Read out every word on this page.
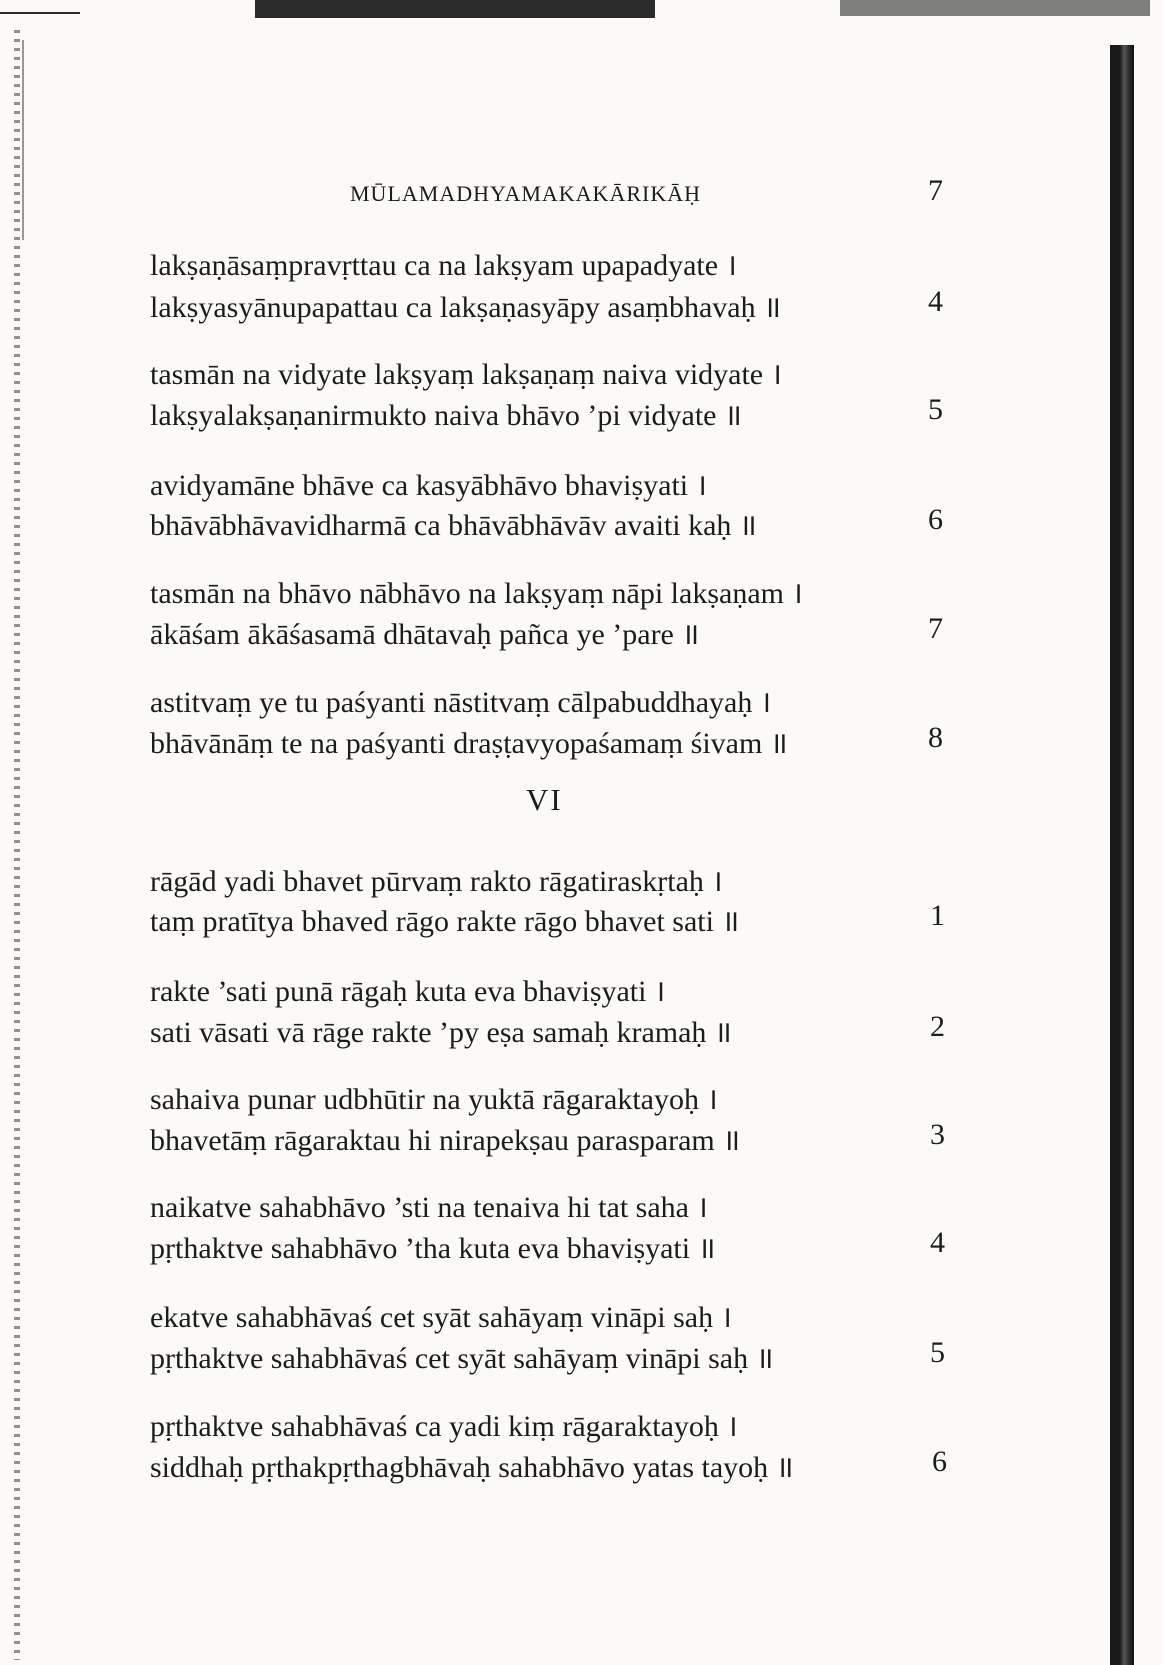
MŪLAMADHYAMAKAKĀRIKĀḤ	7
lakṣaṇāsaṃpravṛttau ca na lakṣyam upapadyate ।
lakṣyasyānupapattau ca lakṣaṇasyāpy asaṃbhavaḥ ॥	4
tasmān na vidyate lakṣyaṃ lakṣaṇaṃ naiva vidyate ।
lakṣyalakṣaṇanirmukto naiva bhāvo ’pi vidyate ॥	5
avidyamāne bhāve ca kasyābhāvo bhaviṣyati ।
bhāvābhāvavidharmā ca bhāvābhāvāv avaiti kaḥ ॥	6
tasmān na bhāvo nābhāvo na lakṣyaṃ nāpi lakṣaṇam ।
ākāśam ākāśasamā dhātavaḥ pañca ye ’pare ॥	7
astitvaṃ ye tu paśyanti nāstitvaṃ cālpabuddhayaḥ ।
bhāvānāṃ te na paśyanti draṣṭavyopaśamaṃ śivam ॥	8
VI
rāgād yadi bhavet pūrvaṃ rakto rāgatiraskṛtaḥ ।
taṃ pratītya bhaved rāgo rakte rāgo bhavet sati ॥	1
rakte ’sati punā rāgaḥ kuta eva bhaviṣyati ।
sati vāsati vā rāge rakte ’py eṣa samaḥ kramaḥ ॥	2
sahaiva punar udbhūtir na yuktā rāgaraktayoḥ ।
bhavetāṃ rāgaraktau hi nirapekṣau parasparam ॥	3
naikatve sahabhāvo ’sti na tenaiva hi tat saha ।
pṛthaktve sahabhāvo ’tha kuta eva bhaviṣyati ॥	4
ekatve sahabhāvaś cet syāt sahāyaṃ vināpi saḥ ।
pṛthaktve sahabhāvaś cet syāt sahāyaṃ vināpi saḥ ॥	5
pṛthaktve sahabhāvaś ca yadi kiṃ rāgaraktayoḥ ।
siddhaḥ pṛthakpṛthagbhāvaḥ sahabhāvo yatas tayoḥ ॥	6
